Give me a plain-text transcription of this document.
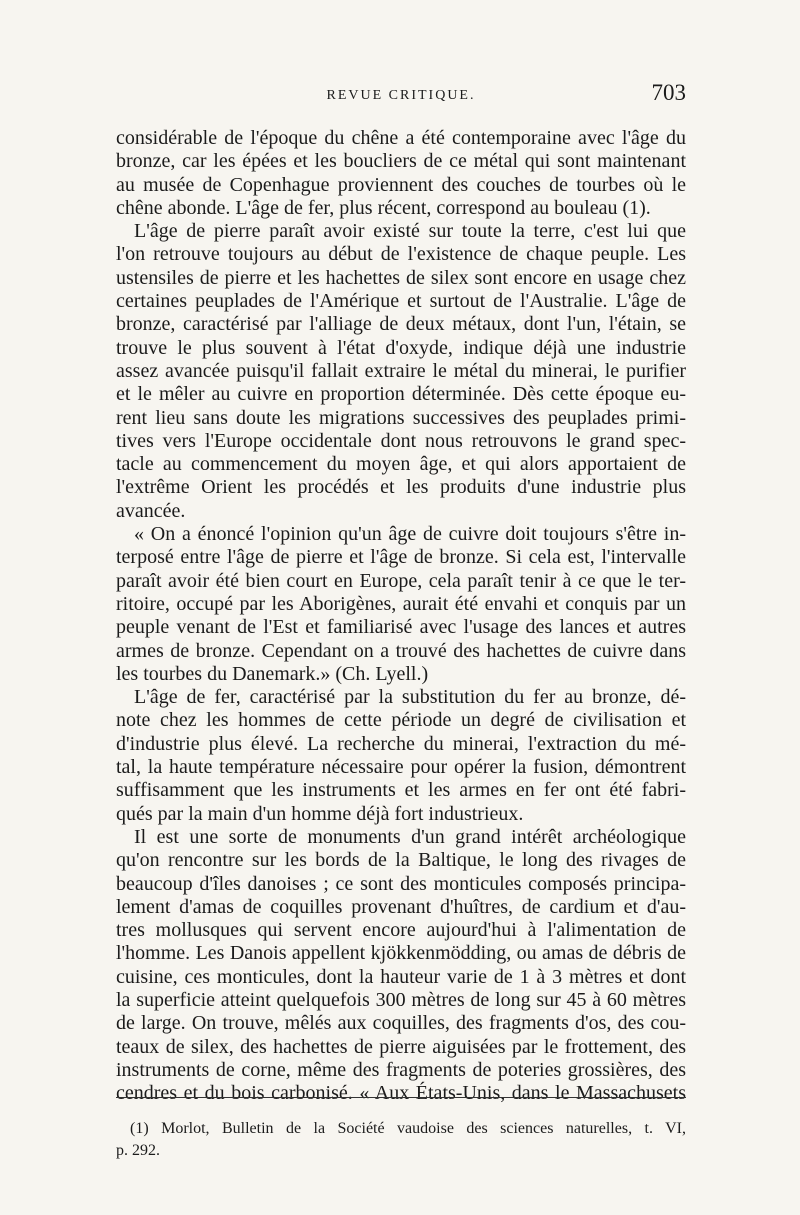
REVUE CRITIQUE.	703

considérable de l'époque du chêne a été contemporaine avec l'âge du
bronze, car les épées et les boucliers de ce métal qui sont maintenant
au musée de Copenhague proviennent des couches de tourbes où le
chêne abonde. L'âge de fer, plus récent, correspond au bouleau (1).

L'âge de pierre paraît avoir existé sur toute la terre, c'est lui que
l'on retrouve toujours au début de l'existence de chaque peuple. Les
ustensiles de pierre et les hachettes de silex sont encore en usage chez
certaines peuplades de l'Amérique et surtout de l'Australie. L'âge de
bronze, caractérisé par l'alliage de deux métaux, dont l'un, l'étain, se
trouve le plus souvent à l'état d'oxyde, indique déjà une industrie
assez avancée puisqu'il fallait extraire le métal du minerai, le purifier
et le mêler au cuivre en proportion déterminée. Dès cette époque eu-
rent lieu sans doute les migrations successives des peuplades primi-
tives vers l'Europe occidentale dont nous retrouvons le grand spec-
tacle au commencement du moyen âge, et qui alors apportaient de
l'extrême Orient les procédés et les produits d'une industrie plus
avancée.

« On a énoncé l'opinion qu'un âge de cuivre doit toujours s'être in-
terposé entre l'âge de pierre et l'âge de bronze. Si cela est, l'intervalle
paraît avoir été bien court en Europe, cela paraît tenir à ce que le ter-
ritoire, occupé par les Aborigènes, aurait été envahi et conquis par un
peuple venant de l'Est et familiarisé avec l'usage des lances et autres
armes de bronze. Cependant on a trouvé des hachettes de cuivre dans
les tourbes du Danemark.» (Ch. Lyell.)

L'âge de fer, caractérisé par la substitution du fer au bronze, dé-
note chez les hommes de cette période un degré de civilisation et
d'industrie plus élevé. La recherche du minerai, l'extraction du mé-
tal, la haute température nécessaire pour opérer la fusion, démontrent
suffisamment que les instruments et les armes en fer ont été fabri-
qués par la main d'un homme déjà fort industrieux.

Il est une sorte de monuments d'un grand intérêt archéologique
qu'on rencontre sur les bords de la Baltique, le long des rivages de
beaucoup d'îles danoises ; ce sont des monticules composés principa-
lement d'amas de coquilles provenant d'huîtres, de cardium et d'au-
tres mollusques qui servent encore aujourd'hui à l'alimentation de
l'homme. Les Danois appellent kjökkenmödding, ou amas de débris de
cuisine, ces monticules, dont la hauteur varie de 1 à 3 mètres et dont
la superficie atteint quelquefois 300 mètres de long sur 45 à 60 mètres
de large. On trouve, mêlés aux coquilles, des fragments d'os, des cou-
teaux de silex, des hachettes de pierre aiguisées par le frottement, des
instruments de corne, même des fragments de poteries grossières, des
cendres et du bois carbonisé. « Aux États-Unis, dans le Massachusets

(1) Morlot, Bulletin de la Société vaudoise des sciences naturelles, t. VI,
p. 292.
